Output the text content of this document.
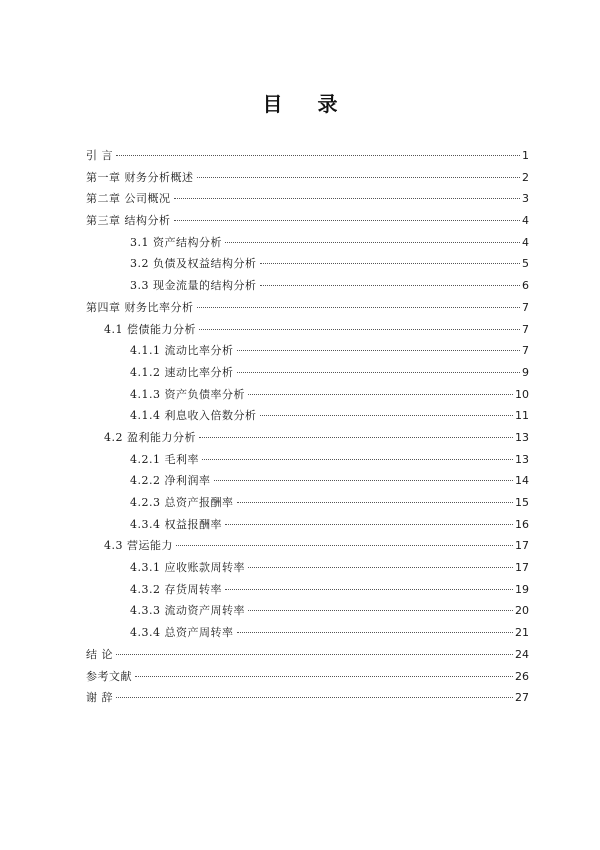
目 录
引 言	1
第一章 财务分析概述	2
第二章 公司概况	3
第三章 结构分析	4
3.1 资产结构分析	4
3.2 负债及权益结构分析	5
3.3 现金流量的结构分析	6
第四章 财务比率分析	7
4.1 偿债能力分析	7
4.1.1 流动比率分析	7
4.1.2 速动比率分析	9
4.1.3 资产负债率分析	10
4.1.4 利息收入倍数分析	11
4.2 盈利能力分析	13
4.2.1 毛利率	13
4.2.2 净利润率	14
4.2.3 总资产报酬率	15
4.3.4 权益报酬率	16
4.3 营运能力	17
4.3.1 应收账款周转率	17
4.3.2 存货周转率	19
4.3.3 流动资产周转率	20
4.3.4 总资产周转率	21
结 论	24
参考文献	26
谢 辞	27
